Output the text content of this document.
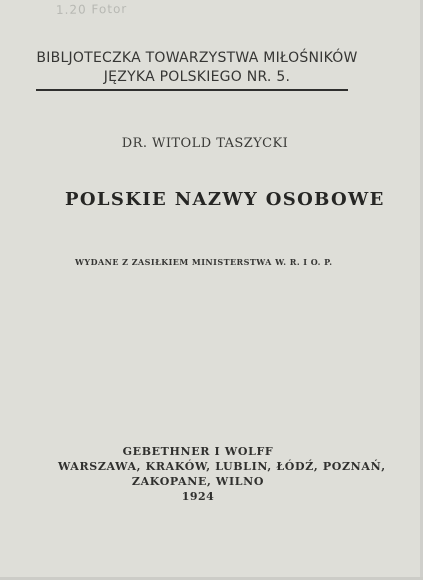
1.20 Fotor
BIBLJOTECZKA TOWARZYSTWA MIŁOŚNIKÓW
JĘZYKA POLSKIEGO NR. 5.
DR. WITOLD TASZYCKI
POLSKIE NAZWY OSOBOWE
WYDANE Z ZASIŁKIEM MINISTERSTWA W. R. I O. P.
GEBETHNER I WOLFF
WARSZAWA, KRAKÓW, LUBLIN, ŁÓDŹ, POZNAŃ,
ZAKOPANE, WILNO
1924
